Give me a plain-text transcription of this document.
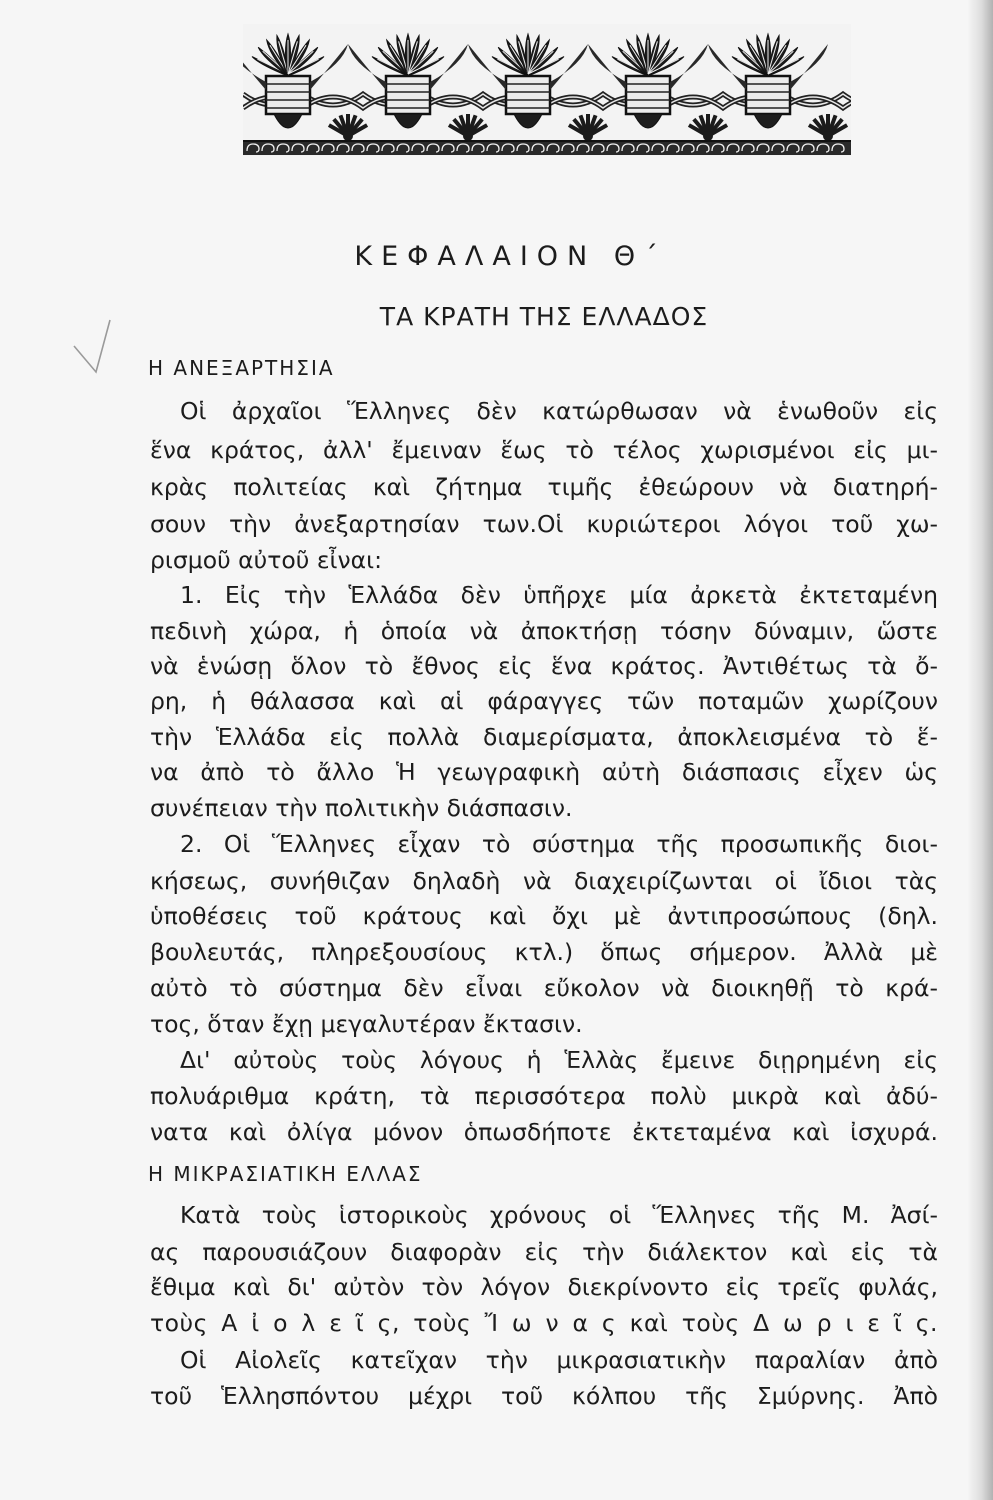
ΚΕΦΑΛΑΙΟΝ Θ΄
ΤΑ ΚΡΑΤΗ ΤΗΣ ΕΛΛΑΔΟΣ
Η ΑΝΕΞΑΡΤΗΣΙΑ
Οἱ ἀρχαῖοι Ἕλληνες δὲν κατώρθωσαν νὰ ἑνωθοῦν εἰς
ἕνα κράτος, ἀλλ' ἔμειναν ἕως τὸ τέλος χωρισμένοι εἰς μι-
κρὰς πολιτείας καὶ ζήτημα τιμῆς ἐθεώρουν νὰ διατηρή-
σουν τὴν ἀνεξαρτησίαν των.Οἱ κυριώτεροι λόγοι τοῦ χω-
ρισμοῦ αὐτοῦ εἶναι:
1. Εἰς τὴν Ἑλλάδα δὲν ὑπῆρχε μία ἀρκετὰ ἐκτεταμένη
πεδινὴ χώρα, ἡ ὁποία νὰ ἀποκτήσῃ τόσην δύναμιν, ὥστε
νὰ ἑνώσῃ ὅλον τὸ ἔθνος εἰς ἕνα κράτος. Ἀντιθέτως τὰ ὄ-
ρη, ἡ θάλασσα καὶ αἱ φάραγγες τῶν ποταμῶν χωρίζουν
τὴν Ἑλλάδα εἰς πολλὰ διαμερίσματα, ἀποκλεισμένα τὸ ἕ-
να ἀπὸ τὸ ἄλλο Ἡ γεωγραφικὴ αὐτὴ διάσπασις εἶχεν ὡς
συνέπειαν τὴν πολιτικὴν διάσπασιν.
2. Οἱ Ἕλληνες εἶχαν τὸ σύστημα τῆς προσωπικῆς διοι-
κήσεως, συνήθιζαν δηλαδὴ νὰ διαχειρίζωνται οἱ ἴδιοι τὰς
ὑποθέσεις τοῦ κράτους καὶ ὄχι μὲ ἀντιπροσώπους (δηλ.
βουλευτάς, πληρεξουσίους κτλ.) ὅπως σήμερον. Ἀλλὰ μὲ
αὐτὸ τὸ σύστημα δὲν εἶναι εὔκολον νὰ διοικηθῇ τὸ κρά-
τος, ὅταν ἔχῃ μεγαλυτέραν ἔκτασιν.
Δι' αὐτοὺς τοὺς λόγους ἡ Ἑλλὰς ἔμεινε διῃρημένη εἰς
πολυάριθμα κράτη, τὰ περισσότερα πολὺ μικρὰ καὶ ἀδύ-
νατα καὶ ὀλίγα μόνον ὁπωσδήποτε ἐκτεταμένα καὶ ἰσχυρά.
Η ΜΙΚΡΑΣΙΑΤΙΚΗ ΕΛΛΑΣ
Κατὰ τοὺς ἱστορικοὺς χρόνους οἱ Ἕλληνες τῆς Μ. Ἀσί-
ας παρουσιάζουν διαφορὰν εἰς τὴν διάλεκτον καὶ εἰς τὰ
ἔθιμα καὶ δι' αὐτὸν τὸν λόγον διεκρίνοντο εἰς τρεῖς φυλάς,
τοὺς Α ἰ ο λ ε ῖ ς, τοὺς Ἴ ω ν α ς καὶ τοὺς Δ ω ρ ι ε ῖ ς.
Οἱ Αἰολεῖς κατεῖχαν τὴν μικρασιατικὴν παραλίαν ἀπὸ
τοῦ Ἑλλησπόντου μέχρι τοῦ κόλπου τῆς Σμύρνης. Ἀπὸ
